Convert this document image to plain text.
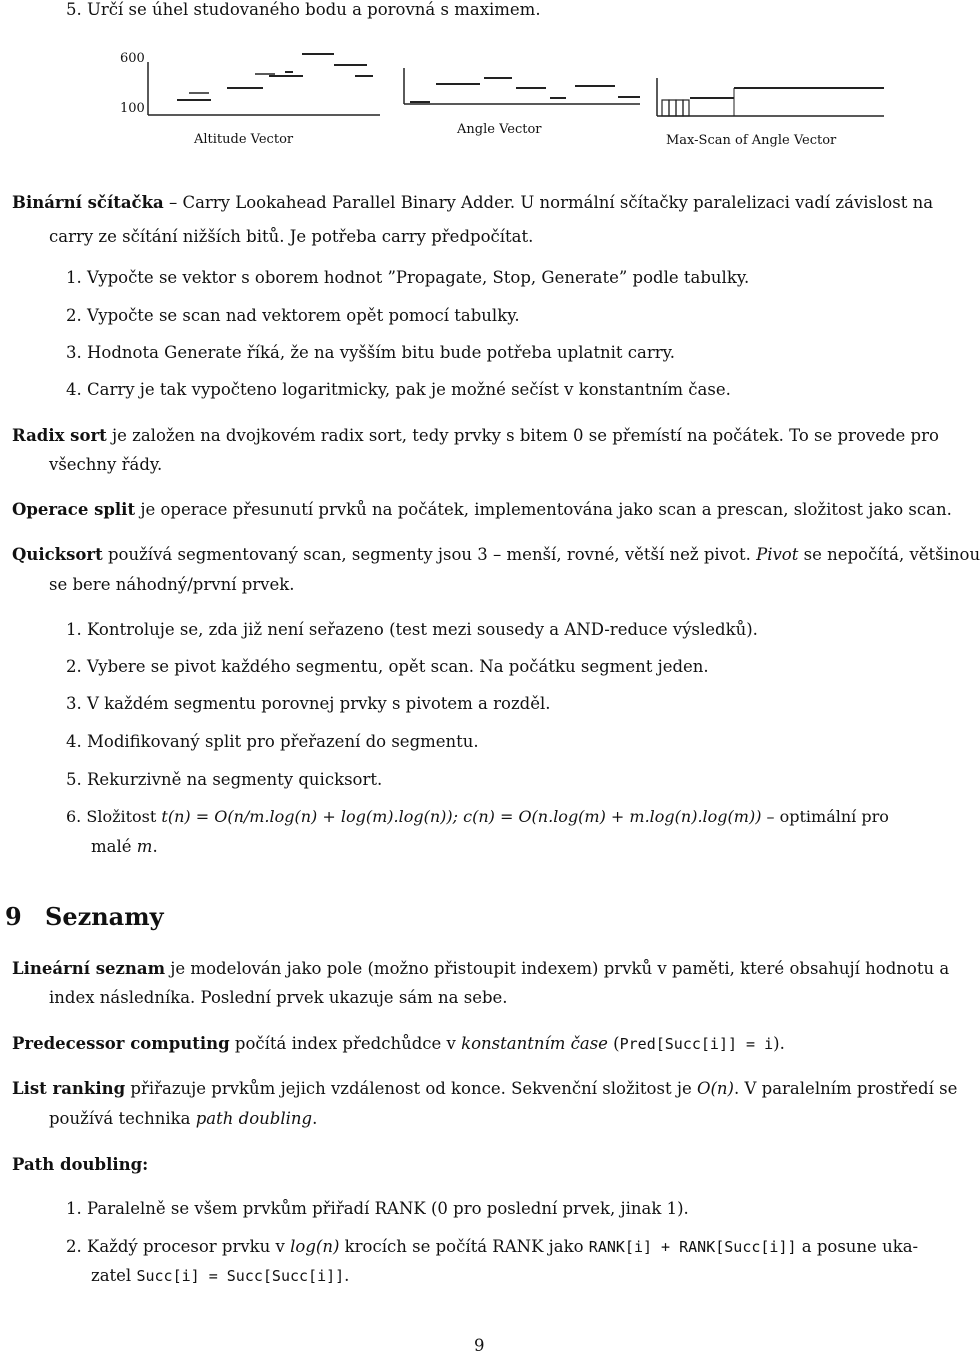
5. Určí se úhel studovaného bodu a porovná s maximem.
600
100
Altitude Vector
Angle Vector
Max-Scan of Angle Vector
Binární sčítačka – Carry Lookahead Parallel Binary Adder. U normální sčítačky paralelizaci vadí závislost na
carry ze sčítání nižších bitů. Je potřeba carry předpočítat.
1. Vypočte se vektor s oborem hodnot ”Propagate, Stop, Generate” podle tabulky.
2. Vypočte se scan nad vektorem opět pomocí tabulky.
3. Hodnota Generate říká, že na vyšším bitu bude potřeba uplatnit carry.
4. Carry je tak vypočteno logaritmicky, pak je možné sečíst v konstantním čase.
Radix sort je založen na dvojkovém radix sort, tedy prvky s bitem 0 se přemístí na počátek. To se provede pro
všechny řády.
Operace split je operace přesunutí prvků na počátek, implementována jako scan a prescan, složitost jako scan.
Quicksort používá segmentovaný scan, segmenty jsou 3 – menší, rovné, větší než pivot. Pivot se nepočítá, většinou
se bere náhodný/první prvek.
1. Kontroluje se, zda již není seřazeno (test mezi sousedy a AND-reduce výsledků).
2. Vybere se pivot každého segmentu, opět scan. Na počátku segment jeden.
3. V každém segmentu porovnej prvky s pivotem a rozděl.
4. Modifikovaný split pro přeřazení do segmentu.
5. Rekurzivně na segmenty quicksort.
6. Složitost t(n) = O(n/m.log(n) + log(m).log(n)); c(n) = O(n.log(m) + m.log(n).log(m)) – optimální pro
malé m.
9 Seznamy
Lineární seznam je modelován jako pole (možno přistoupit indexem) prvků v paměti, které obsahují hodnotu a
index následníka. Poslední prvek ukazuje sám na sebe.
Predecessor computing počítá index předchůdce v konstantním čase (Pred[Succ[i]] = i).
List ranking přiřazuje prvkům jejich vzdálenost od konce. Sekvenční složitost je O(n). V paralelním prostředí se
používá technika path doubling.
Path doubling:
1. Paralelně se všem prvkům přiřadí RANK (0 pro poslední prvek, jinak 1).
2. Každý procesor prvku v log(n) krocích se počítá RANK jako RANK[i] + RANK[Succ[i]] a posune uka-
zatel Succ[i] = Succ[Succ[i]].
9
